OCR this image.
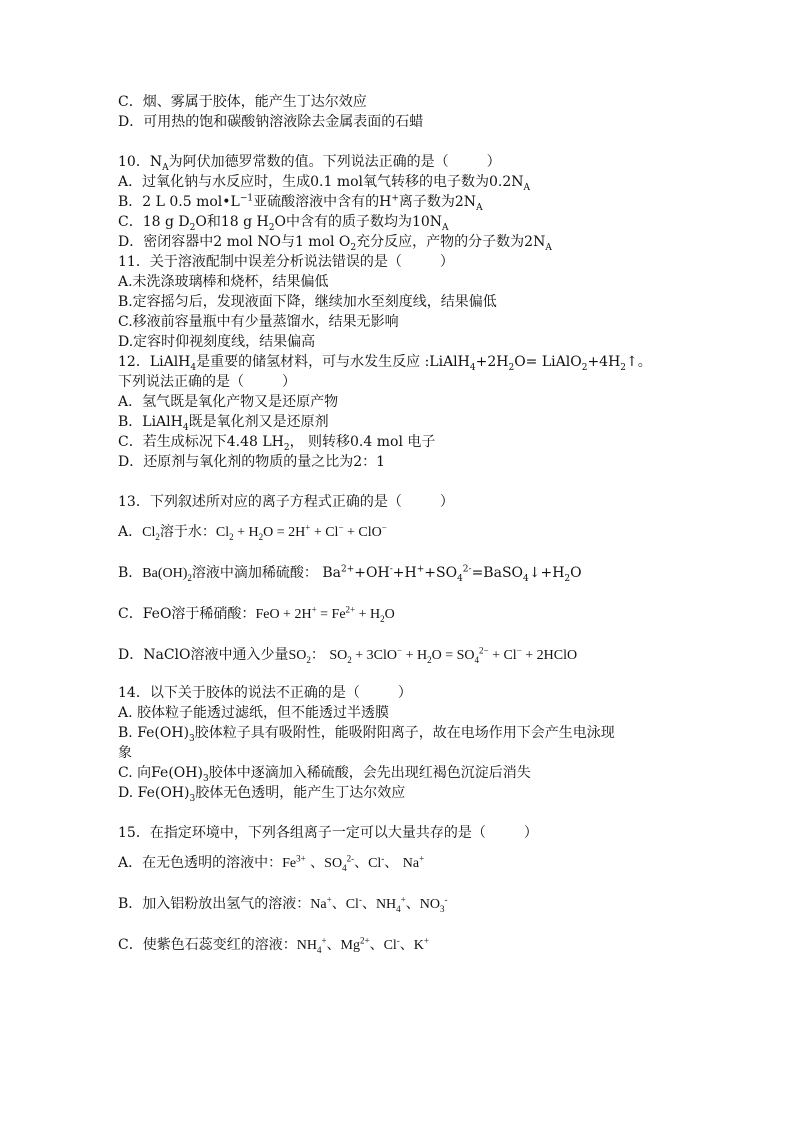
C．烟、雾属于胶体，能产生丁达尔效应
D．可用热的饱和碳酸钠溶液除去金属表面的石蜡
10．$N_A$为阿伏加德罗常数的值。下列说法正确的是（	）
A．过氧化钠与水反应时，生成0.1 mol氧气转移的电子数为$0.2N_A$
B．2 L 0.5 $mol•L^{-1}$亚硫酸溶液中含有的H+离子数为$2N_A$
C．18 g $D_2O$和18 g $H_2O$中含有的质子数均为$10N_A$
D．密闭容器中2 mol NO与1 mol $O_2$充分反应，产物的分子数为$2N_A$
11．关于溶液配制中误差分析说法错误的是（	）
A.未洗涤玻璃棒和烧杯，结果偏低
B.定容摇匀后，发现液面下降，继续加水至刻度线，结果偏低
C.移液前容量瓶中有少量蒸馏水，结果无影响
D.定容时仰视刻度线，结果偏高
12．LiAlH$_4$是重要的储氢材料，可与水发生反应 $:LiAlH_4+2H_2O=$ $LiAlO_2+4H_2↑$。
下列说法正确的是（	）
A．氢气既是氧化产物又是还原产物
B．LiAlH$_4$既是氧化剂又是还原剂
C．若生成标况下4.48 $LH_2$， 则转移0.4 mol 电子
D．还原剂与氧化剂的物质的量之比为2：1
13．下列叙述所对应的离子方程式正确的是（	）
A．$Cl_2$溶于水：$Cl_2 + H_2O = 2H^+ + Cl^- + ClO^-$
B．$Ba(OH)_2$溶液中滴加稀硫酸： $Ba^{2+}+OH^-+H^++SO_4^{2-}=BaSO_4↓+H_2O$
C．FeO溶于稀硝酸：FeO + $2H^+ = Fe^{2+} + H_2O$
D．NaClO溶液中通入少量$SO_2$： $SO_2 + 3ClO^- + H_2O = SO_4^{2-} + Cl^-$ + 2HClO
14．以下关于胶体的说法不正确的是（	）
A. 胶体粒子能透过滤纸，但不能透过半透膜
B. $Fe(OH)_3$胶体粒子具有吸附性，能吸附阳离子，故在电场作用下会产生电泳现
象
C. 向$Fe(OH)_3$胶体中逐滴加入稀硫酸，会先出现红褐色沉淀后消失
D. $Fe(OH)_3$胶体无色透明，能产生丁达尔效应
15．在指定环境中，下列各组离子一定可以大量共存的是（	）
A．在无色透明的溶液中：$Fe^{3+}$ 、$SO_4^{2-}$、Cl-、 Na+
B．加入铝粉放出氢气的溶液：Na+、Cl-、$NH_4^+$、$NO_3^-$
C．使紫色石蕊变红的溶液：$NH_4^+$、$Mg^{2+}$、Cl-、K+
